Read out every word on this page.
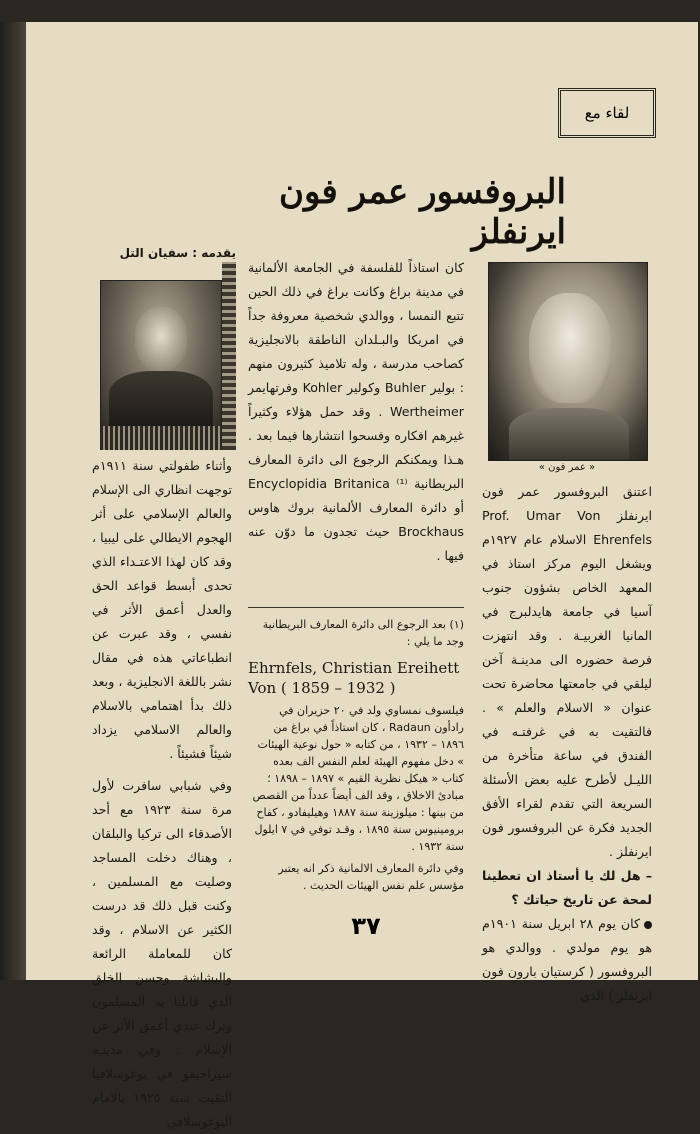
لقاء مع
البروفسور عمر فون ايرنفلز
يقدمه : سفيان التل
« عمر فون »

اعتنق البروفسور عمر فون ايرنفلز Prof. Umar Von Ehrenfels الاسلام عام ١٩٢٧م ويشغل اليوم مركز استاذ في المعهد الخاص بشؤون جنوب آسيا في جامعة هايدلبرج في المانيا الغربيـة . وقد انتهزت فرصة حضوره الى مدينـة آخن ليلقي في جامعتها محاضرة تحت عنوان « الاسلام والعلم » . فالتقيت به في غرفتـه في الفندق في ساعة متأخرة من الليـل لأطرح عليه بعض الأسئلة السريعة التي تقدم لقراء الأفق الجديد فكرة عن البروفسور فون ايرنفلز .

– هل لك يا أستاذ ان تعطينا لمحة عن تاريخ حياتك ؟

كان يوم ٢٨ ابريل سنة ١٩٠١م هو يوم مولدي . ووالدي هو البروفسور ( كرستيان بارون فون ايرنفلز ) الذي

كان استاذاً للفلسفة في الجامعة الألمانية في مدينة براغ وكانت براغ في ذلك الحين تتبع النمسا ، ووالدي شخصية معروفة جداً في امريكا والبـلدان الناطقة بالانجليزية كصاحب مدرسة ، وله تلاميذ كثيرون منهم : بولير Buhler وكولير Kohler وفرتهايمر Wertheimer . وقد حمل هؤلاء وكثيراً غيرهم افكاره وفسحوا انتشارها فيما بعد . هـذا ويمكنكم الرجوع الى دائرة المعارف البريطانية ⁽¹⁾ Encyclopidia Britanica أو دائرة المعارف الألمانية بروك هاوس Brockhaus حيث تجدون ما دوّن عنه فيها .

(١) بعد الرجوع الى دائرة المعارف البريطانية وجد ما يلي :
Ehrnfels, Christian Ereihett Von ( 1859 – 1932 )
فيلسوف نمساوي ولد في ٢٠ حزيران في رادأون Radaun ، كان استاذاً في براغ من ١٨٩٦ – ١٩٣٢ ، من كتابه « حول نوعية الهيئات » دخل مفهوم الهيئة لعلم النفس الف بعده كتاب « هيكل نظرية القيم » ١٨٩٧ – ١٨٩٨ ؛ مبادئ الاخلاق ، وقد الف أيضاً عدداً من القصص من بينها : ميلوزينة سنة ١٨٨٧ وهيليفادو ، كفاح برومينيوس سنة ١٨٩٥ ، وقـد توفي في ٧ ايلول سنة ١٩٣٢ .
وفي دائرة المعارف الالمانية ذكر انه يعتبر مؤسس علم نفس الهيئات الحديث .

وأثناء طفولتي سنة ١٩١١م توجهت انظاري الى الإسلام والعالم الإسلامي على أثر الهجوم الايطالي على ليبيا ، وقد كان لهذا الاعتـداء الذي تحدى أبسط قواعد الحق والعدل أعمق الأثر في نفسي ، وقد عبرت عن انطباعاتي هذه في مقال نشر باللغة الانجليزية ، وبعد ذلك بدأ اهتمامي بالاسلام والعالم الاسلامي يزداد شيئاً فشيئاً .

وفي شبابي سافرت لأول مرة سنة ١٩٢٣ مع أحد الأصدقاء الى تركيا والبلقان ، وهناك دخلت المساجد وصليت مع المسلمين ، وكنت قبل ذلك قد درست الكثير عن الاسلام ، وقد كان للمعاملة الرائعة والبشاشة وحسن الخلق الذي قابلنا به المسلمون وترك عندي أعمق الأثر عن الإسلام . وفي مدينـة سيراجيفو في يوغوسلافيا التقيت سنة ١٩٢٥ بالامام اليوغوسلافي

٣٧
